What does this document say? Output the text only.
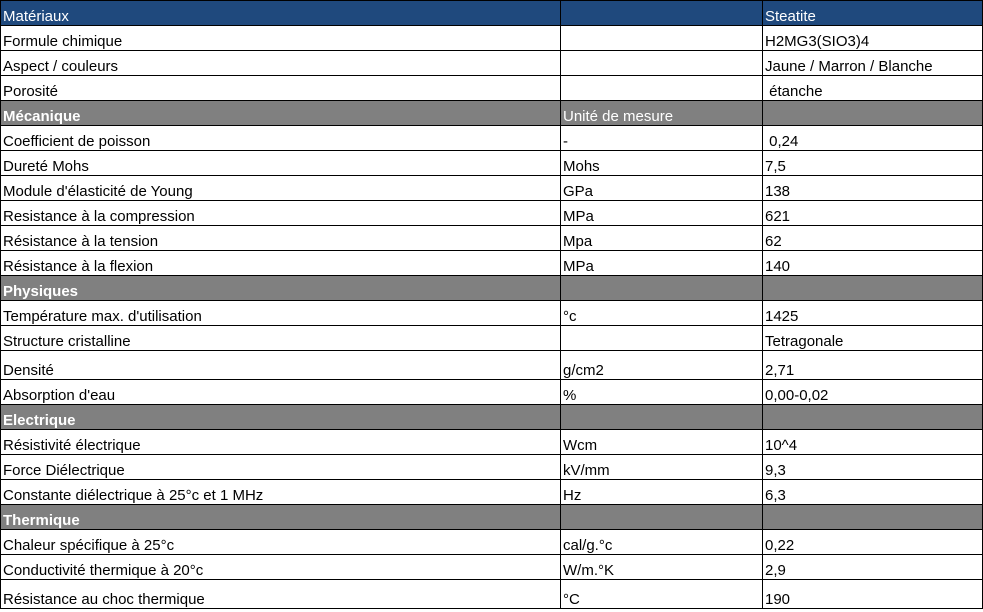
Matériaux		Steatite
Formule chimique		H2MG3(SIO3)4
Aspect / couleurs		Jaune / Marron / Blanche
Porosité		étanche
Mécanique	Unité de mesure	
Coefficient de poisson	-	0,24
Dureté Mohs	Mohs	7,5
Module d'élasticité de Young	GPa	138
Resistance à la compression	MPa	621
Résistance à la tension	Mpa	62
Résistance à la flexion	MPa	140
Physiques		
Température max. d'utilisation	°c	1425
Structure cristalline		Tetragonale
Densité	g/cm2	2,71
Absorption d'eau	%	0,00-0,02
Electrique		
Résistivité électrique	Wcm	10^4
Force Diélectrique	kV/mm	9,3
Constante diélectrique à 25°c et 1 MHz	Hz	6,3
Thermique		
Chaleur spécifique à 25°c	cal/g.°c	0,22
Conductivité thermique à 20°c	W/m.°K	2,9
Résistance au choc thermique	°C	190
